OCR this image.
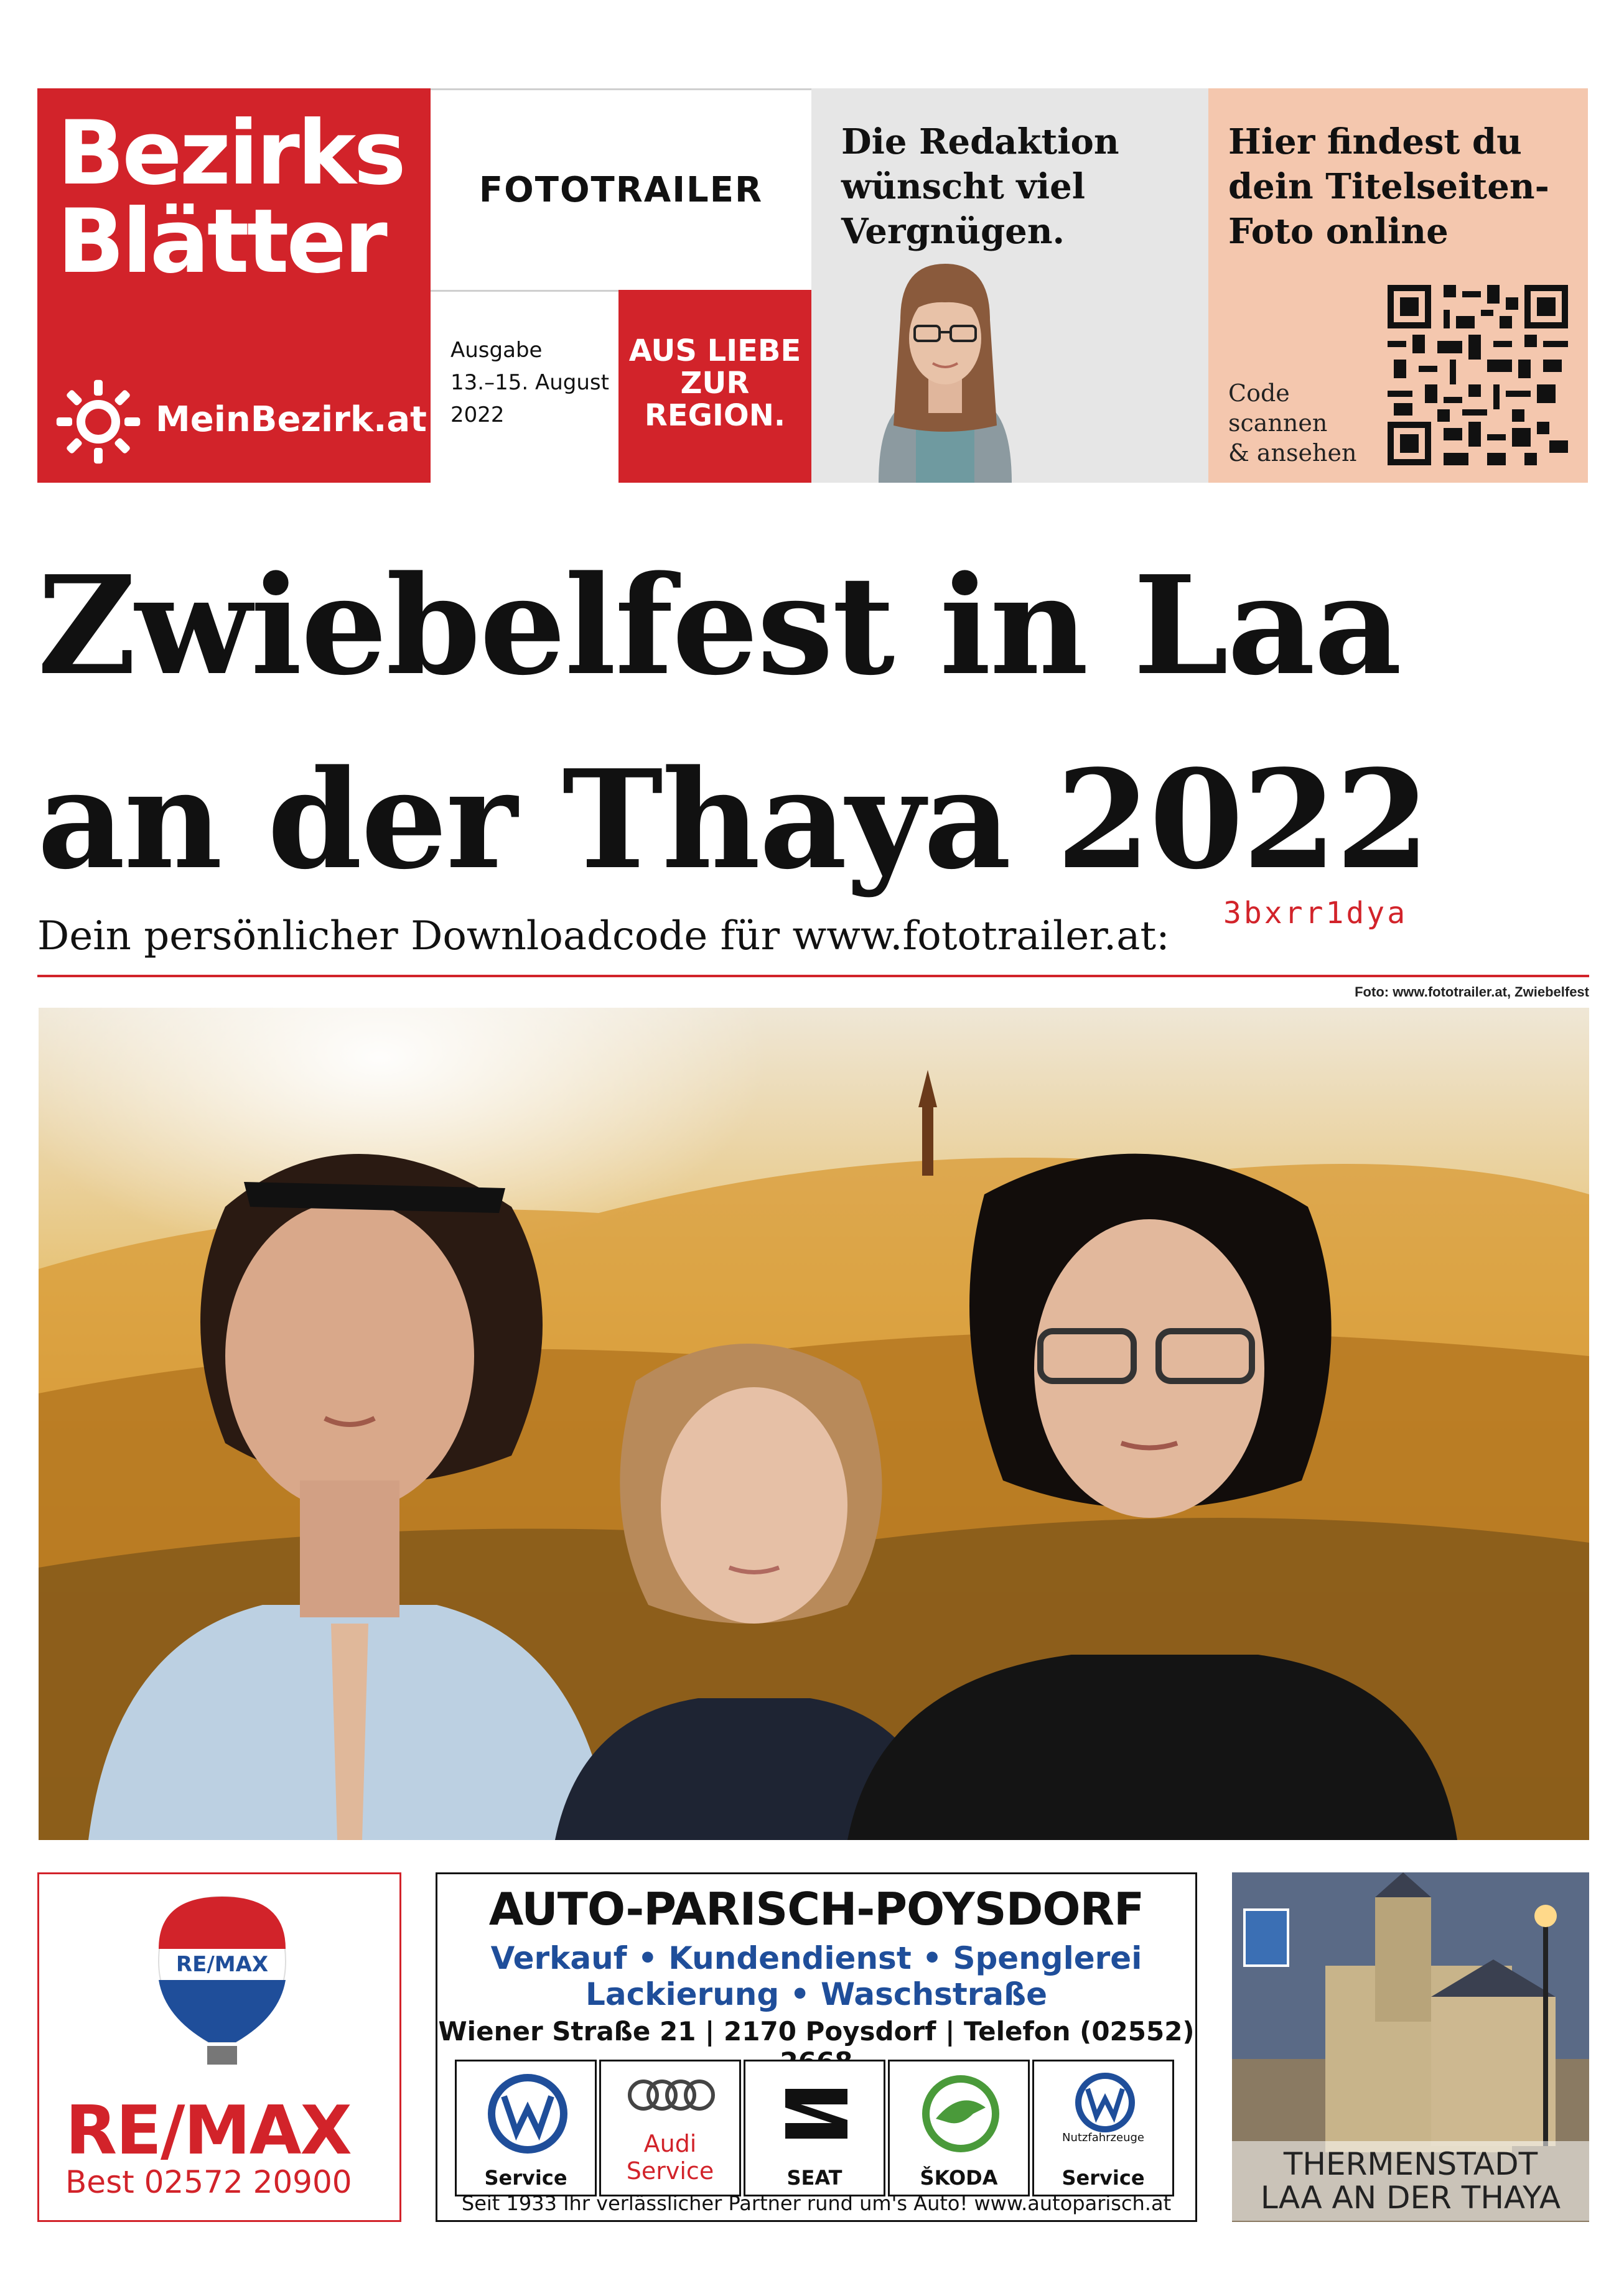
Bezirks
Blätter
MeinBezirk.at
FOTOTRAILER
Ausgabe
13.–15. August
2022
AUS LIEBE
ZUR
REGION.
Die Redaktion
wünscht viel
Vergnügen.
Hier findest du
dein Titelseiten-
Foto online
Code
scannen
& ansehen
Zwiebelfest in Laa
an der Thaya 2022
Dein persönlicher Downloadcode für www.fototrailer.at: 3bxrr1dya
Foto: www.fototrailer.at, Zwiebelfest
RE/MAX
RE/MAX
Best 02572 20900
AUTO-PARISCH-POYSDORF
Verkauf • Kundendienst • Spenglerei
Lackierung • Waschstraße
Wiener Straße 21 | 2170 Poysdorf | Telefon (02552)
Service
Audi Service	SEAT	ŠKODA
Nutzfahrzeuge
Service
Seit 1933 Ihr verlässlicher Partner rund um's Auto! www.autoparisch.at
THERMENSTADT
LAA AN DER THAYA
